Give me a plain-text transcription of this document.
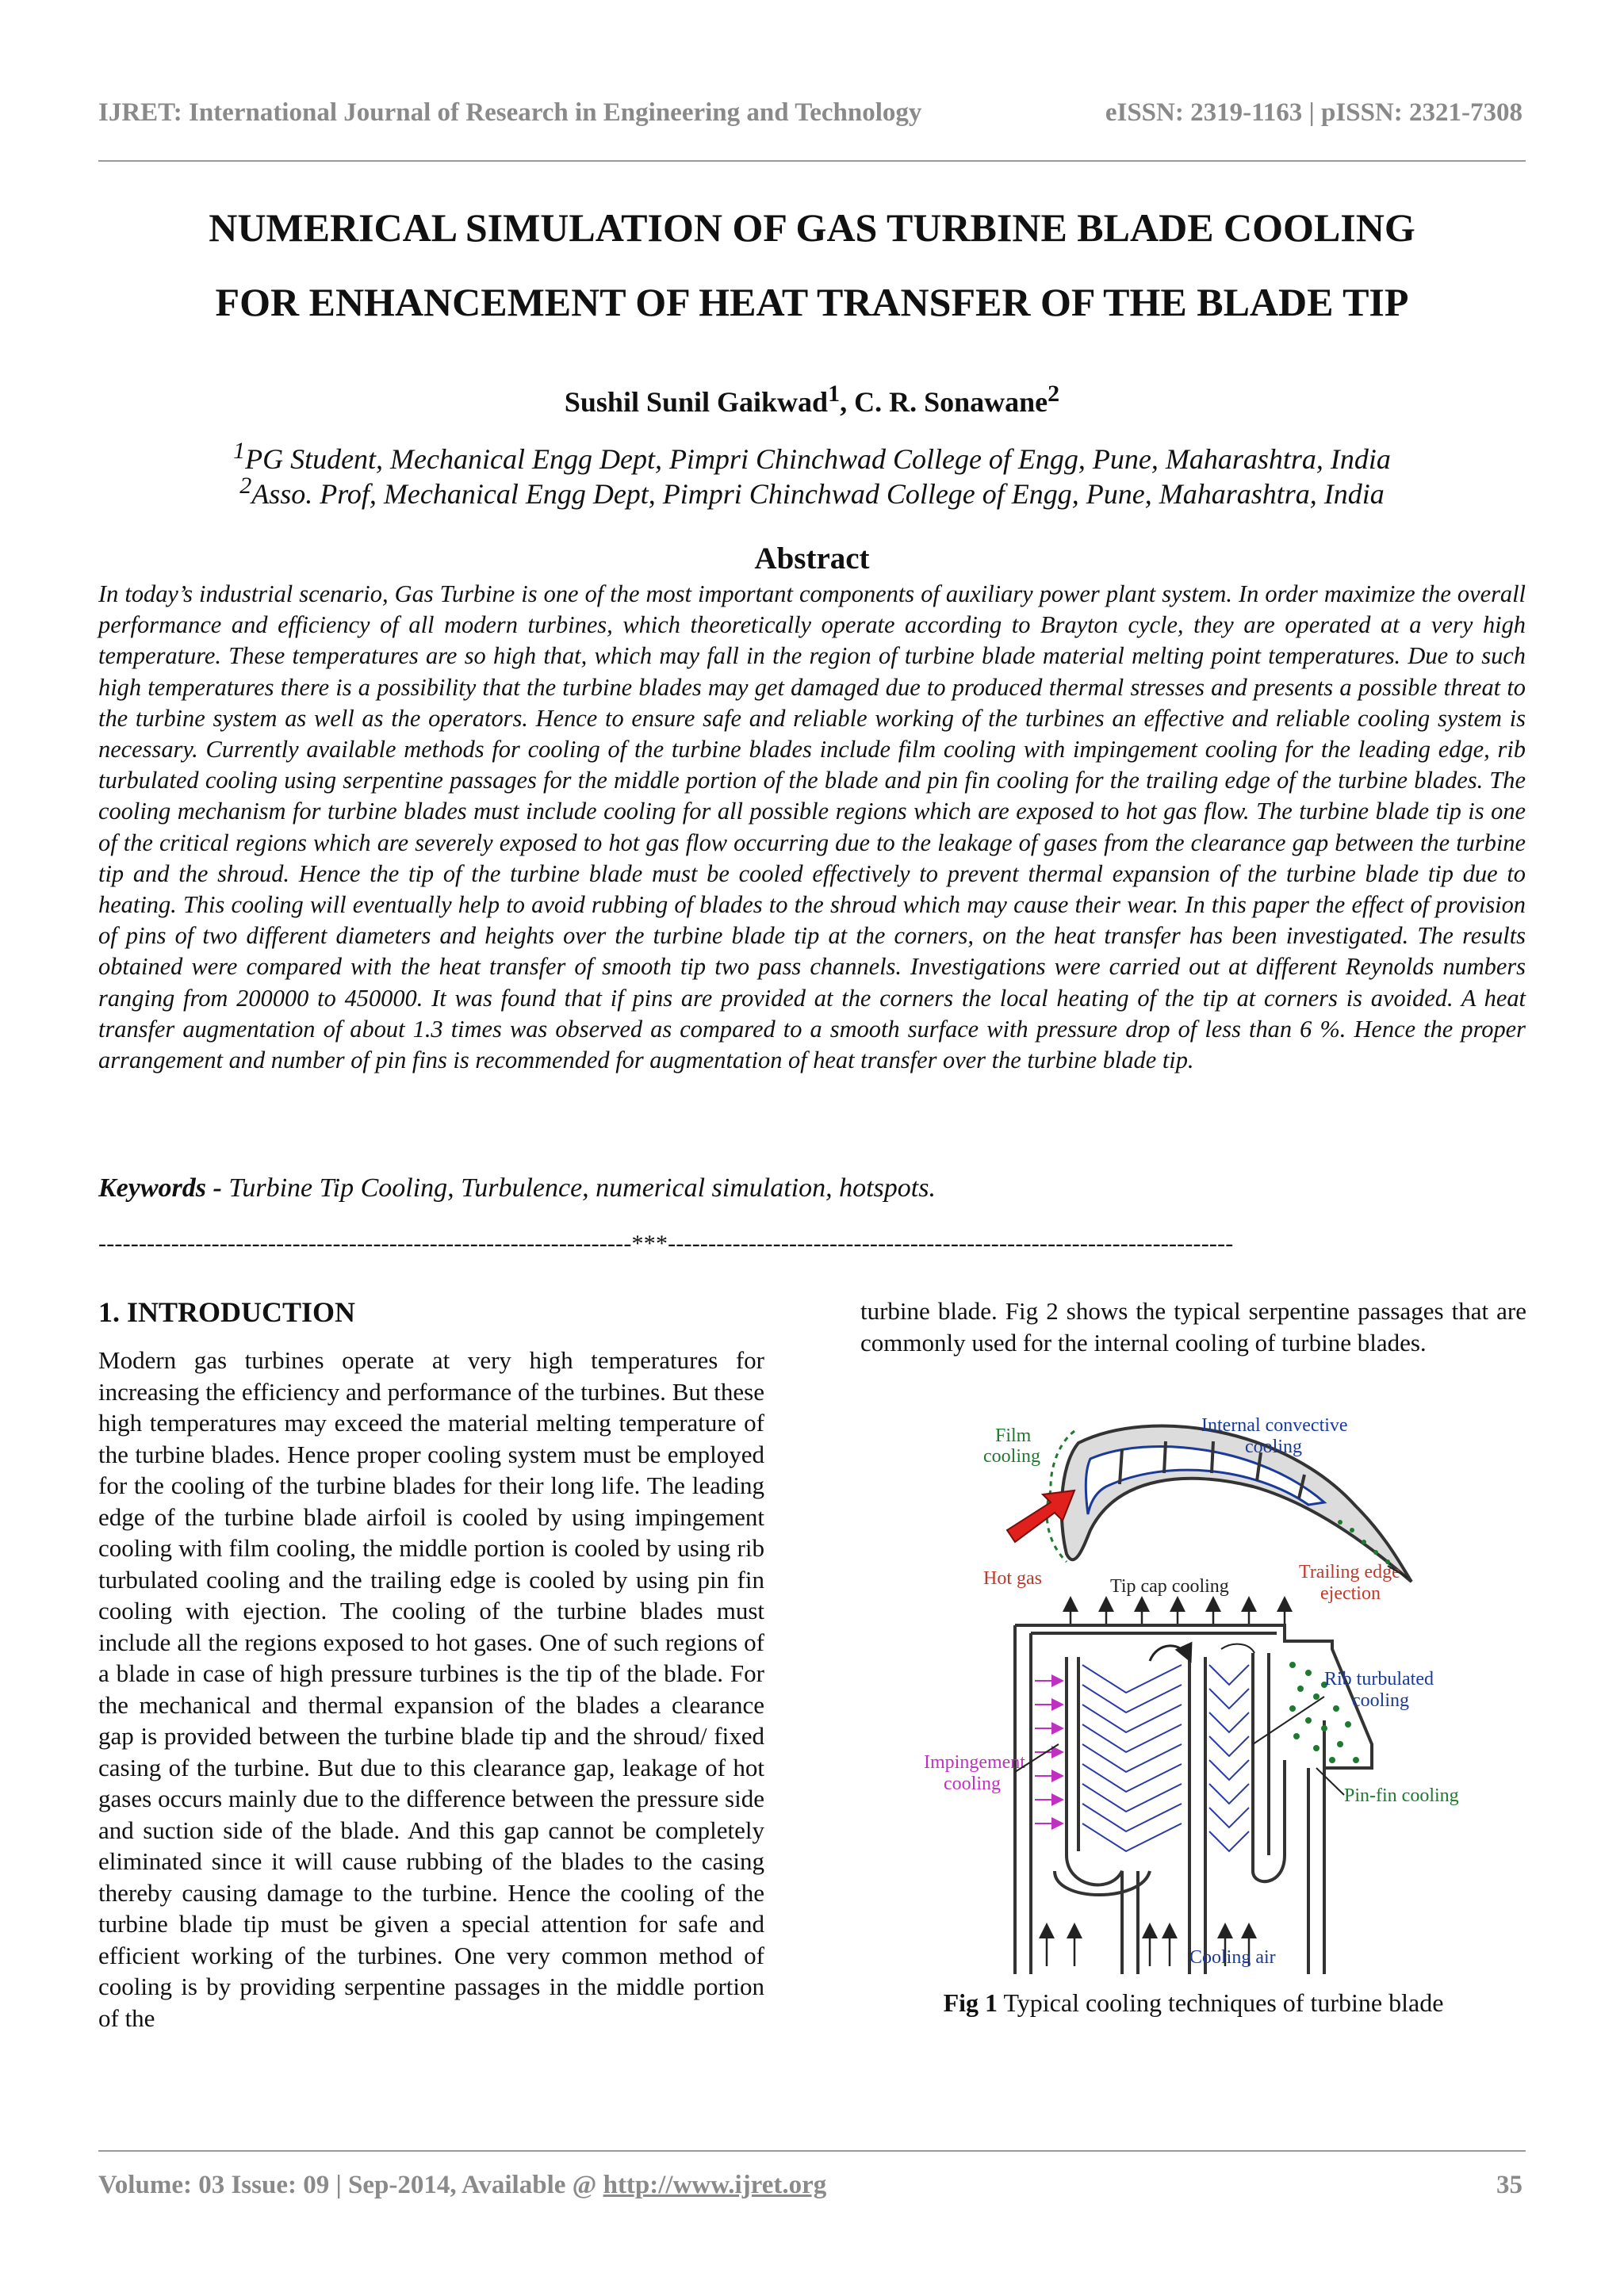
IJRET: International Journal of Research in Engineering and Technology	eISSN: 2319-1163 | pISSN: 2321-7308
NUMERICAL SIMULATION OF GAS TURBINE BLADE COOLING
FOR ENHANCEMENT OF HEAT TRANSFER OF THE BLADE TIP
Sushil Sunil Gaikwad$^1$, C. R. Sonawane$^2$
$^1$PG Student, Mechanical Engg Dept, Pimpri Chinchwad College of Engg, Pune, Maharashtra, India
$^2$Asso. Prof, Mechanical Engg Dept, Pimpri Chinchwad College of Engg, Pune, Maharashtra, India
Abstract
In today’s industrial scenario, Gas Turbine is one of the most important components of auxiliary power plant system. In order maximize the overall performance and efficiency of all modern turbines, which theoretically operate according to Brayton cycle, they are operated at a very high temperature. These temperatures are so high that, which may fall in the region of turbine blade material melting point temperatures. Due to such high temperatures there is a possibility that the turbine blades may get damaged due to produced thermal stresses and presents a possible threat to the turbine system as well as the operators. Hence to ensure safe and reliable working of the turbines an effective and reliable cooling system is necessary. Currently available methods for cooling of the turbine blades include film cooling with impingement cooling for the leading edge, rib turbulated cooling using serpentine passages for the middle portion of the blade and pin fin cooling for the trailing edge of the turbine blades. The cooling mechanism for turbine blades must include cooling for all possible regions which are exposed to hot gas flow. The turbine blade tip is one of the critical regions which are severely exposed to hot gas flow occurring due to the leakage of gases from the clearance gap between the turbine tip and the shroud. Hence the tip of the turbine blade must be cooled effectively to prevent thermal expansion of the turbine blade tip due to heating. This cooling will eventually help to avoid rubbing of blades to the shroud which may cause their wear. In this paper the effect of provision of pins of two different diameters and heights over the turbine blade tip at the corners, on the heat transfer has been investigated. The results obtained were compared with the heat transfer of smooth tip two pass channels. Investigations were carried out at different Reynolds numbers ranging from 200000 to 450000. It was found that if pins are provided at the corners the local heating of the tip at corners is avoided. A heat transfer augmentation of about 1.3 times was observed as compared to a smooth surface with pressure drop of less than 6 %. Hence the proper arrangement and number of pin fins is recommended for augmentation of heat transfer over the turbine blade tip.
Keywords - Turbine Tip Cooling, Turbulence, numerical simulation, hotspots.
------------------------------------------------------------------***----------------------------------------------------------------------
1. INTRODUCTION
Modern gas turbines operate at very high temperatures for increasing the efficiency and performance of the turbines. But these high temperatures may exceed the material melting temperature of the turbine blades. Hence proper cooling system must be employed for the cooling of the turbine blades for their long life. The leading edge of the turbine blade airfoil is cooled by using impingement cooling with film cooling, the middle portion is cooled by using rib turbulated cooling and the trailing edge is cooled by using pin fin cooling with ejection. The cooling of the turbine blades must include all the regions exposed to hot gases. One of such regions of a blade in case of high pressure turbines is the tip of the blade. For the mechanical and thermal expansion of the blades a clearance gap is provided between the turbine blade tip and the shroud/ fixed casing of the turbine. But due to this clearance gap, leakage of hot gases occurs mainly due to the difference between the pressure side and suction side of the blade. And this gap cannot be completely eliminated since it will cause rubbing of the blades to the casing thereby causing damage to the turbine. Hence the cooling of the turbine blade tip must be given a special attention for safe and efficient working of the turbines. One very common method of cooling is by providing serpentine passages in the middle portion of the
turbine blade. Fig 2 shows the typical serpentine passages that are commonly used for the internal cooling of turbine blades.
Film
cooling
Internal convective
cooling
Hot gas	Tip cap cooling
Trailing edge
ejection
Rib turbulated
cooling
Pin-fin cooling
Impingement
cooling
Cooling air
Fig 1 Typical cooling techniques of turbine blade
Volume: 03 Issue: 09 | Sep-2014, Available @ http://www.ijret.org	35
